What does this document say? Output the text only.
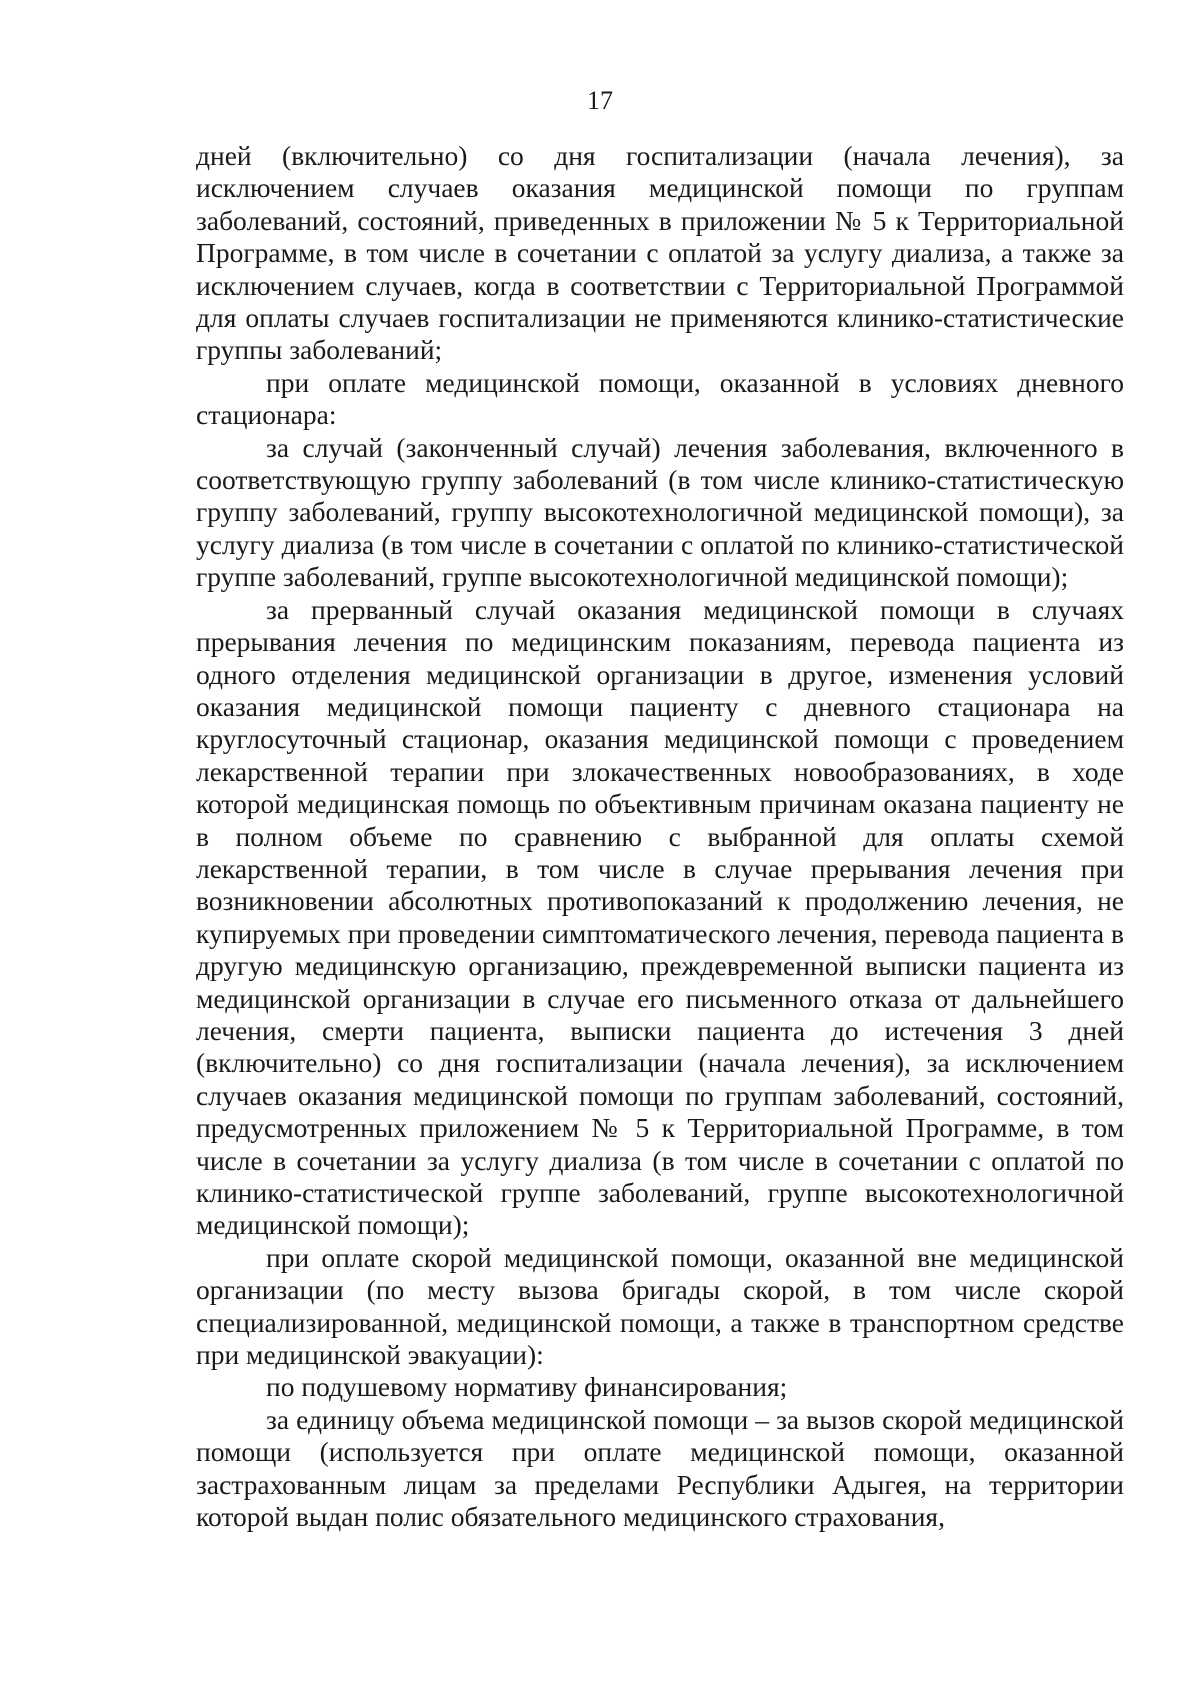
17

дней (включительно) со дня госпитализации (начала лечения), за исключением случаев оказания медицинской помощи по группам заболеваний, состояний, приведенных в приложении № 5 к Территориальной Программе, в том числе в сочетании с оплатой за услугу диализа, а также за исключением случаев, когда в соответствии с Территориальной Программой для оплаты случаев госпитализации не применяются клинико-статистические группы заболеваний;

при оплате медицинской помощи, оказанной в условиях дневного стационара:

за случай (законченный случай) лечения заболевания, включенного в соответствующую группу заболеваний (в том числе клинико-статистическую группу заболеваний, группу высокотехнологичной медицинской помощи), за услугу диализа (в том числе в сочетании с оплатой по клинико-статистической группе заболеваний, группе высокотехнологичной медицинской помощи);

за прерванный случай оказания медицинской помощи в случаях прерывания лечения по медицинским показаниям, перевода пациента из одного отделения медицинской организации в другое, изменения условий оказания медицинской помощи пациенту с дневного стационара на круглосуточный стационар, оказания медицинской помощи с проведением лекарственной терапии при злокачественных новообразованиях, в ходе которой медицинская помощь по объективным причинам оказана пациенту не в полном объеме по сравнению с выбранной для оплаты схемой лекарственной терапии, в том числе в случае прерывания лечения при возникновении абсолютных противопоказаний к продолжению лечения, не купируемых при проведении симптоматического лечения, перевода пациента в другую медицинскую организацию, преждевременной выписки пациента из медицинской организации в случае его письменного отказа от дальнейшего лечения, смерти пациента, выписки пациента до истечения 3 дней (включительно) со дня госпитализации (начала лечения), за исключением случаев оказания медицинской помощи по группам заболеваний, состояний, предусмотренных приложением № 5 к Территориальной Программе, в том числе в сочетании за услугу диализа (в том числе в сочетании с оплатой по клинико-статистической группе заболеваний, группе высокотехнологичной медицинской помощи);

при оплате скорой медицинской помощи, оказанной вне медицинской организации (по месту вызова бригады скорой, в том числе скорой специализированной, медицинской помощи, а также в транспортном средстве при медицинской эвакуации):

по подушевому нормативу финансирования;

за единицу объема медицинской помощи – за вызов скорой медицинской помощи (используется при оплате медицинской помощи, оказанной застрахованным лицам за пределами Республики Адыгея, на территории которой выдан полис обязательного медицинского страхования,
